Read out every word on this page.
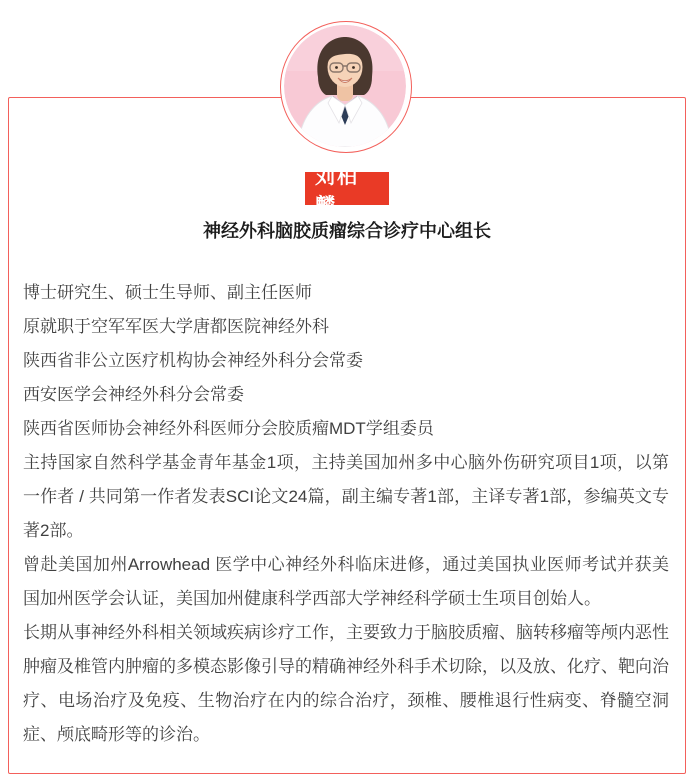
刘柏麟
神经外科脑胶质瘤综合诊疗中心组长
博士研究生、硕士生导师、副主任医师
原就职于空军军医大学唐都医院神经外科
陕西省非公立医疗机构协会神经外科分会常委
西安医学会神经外科分会常委
陕西省医师协会神经外科医师分会胶质瘤MDT学组委员

主持国家自然科学基金青年基金1项，主持美国加州多中心脑外伤研究项目1项，以第一作者 / 共同第一作者发表SCI论文24篇，副主编专著1部，主译专著1部，参编英文专著2部。

曾赴美国加州Arrowhead 医学中心神经外科临床进修，通过美国执业医师考试并获美国加州医学会认证，美国加州健康科学西部大学神经科学硕士生项目创始人。

长期从事神经外科相关领域疾病诊疗工作，主要致力于脑胶质瘤、脑转移瘤等颅内恶性肿瘤及椎管内肿瘤的多模态影像引导的精确神经外科手术切除，以及放、化疗、靶向治疗、电场治疗及免疫、生物治疗在内的综合治疗，颈椎、腰椎退行性病变、脊髓空洞症、颅底畸形等的诊治。
